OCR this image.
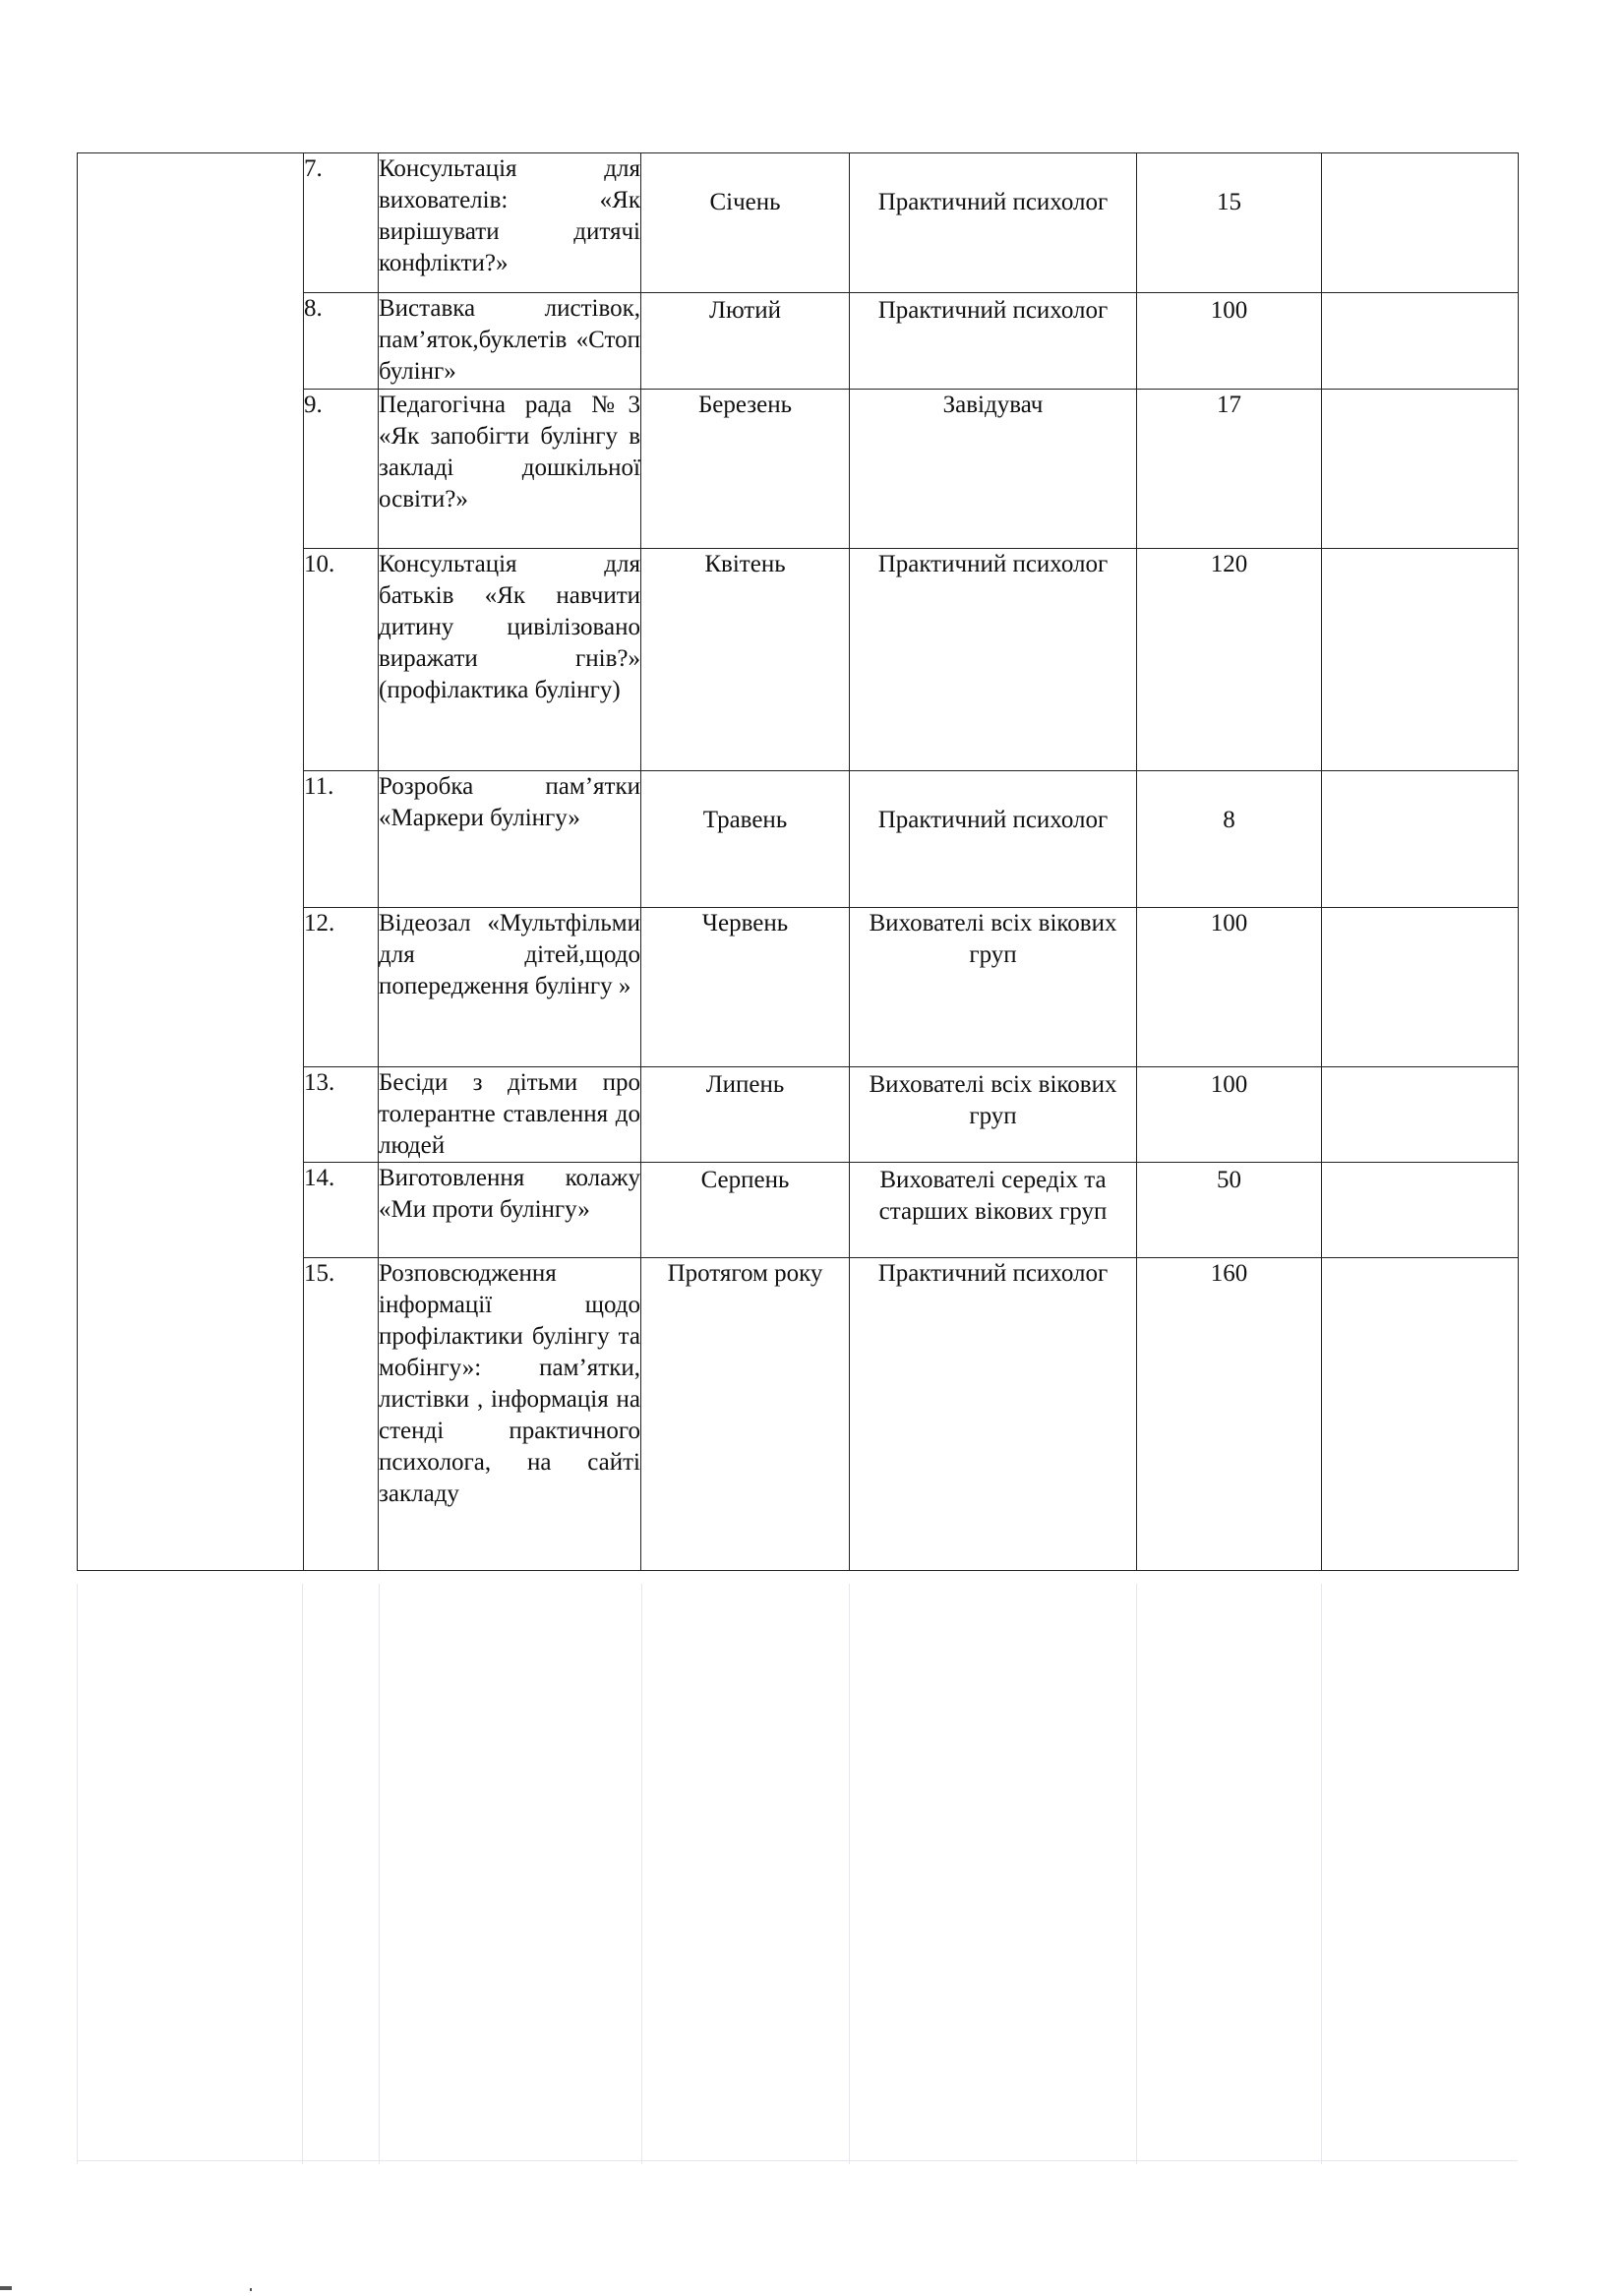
	7.	Консультація для вихователів: «Як вирішувати дитячі конфлікти?»	Січень	Практичний психолог	15	
	8.	Виставка листівок, пам’яток,буклетів «Стоп булінг»	Лютий	Практичний психолог	100	
	9.	Педагогічна рада №3 «Як запобігти булінгу в закладі дошкільної освіти?»	Березень	Завідувач	17	
	10.	Консультація для батьків «Як навчити дитину цивілізовано виражати гнів?» (профілактика булінгу)	Квітень	Практичний психолог	120	
	11.	Розробка пам’ятки «Маркери булінгу»	Травень	Практичний психолог	8	
	12.	Відеозал «Мультфільми для дітей,щодо попередження булінгу »	Червень	Вихователі всіх вікових груп	100	
	13.	Бесіди з дітьми про толерантне ставлення до людей	Липень	Вихователі всіх вікових груп	100	
	14.	Виготовлення колажу «Ми проти булінгу»	Серпень	Вихователі середіх та старших вікових груп	50	
	15.	Розповсюдження інформації щодо профілактики булінгу та мобінгу»: пам’ятки, листівки , інформація на стенді практичного психолога, на сайті закладу	Протягом року	Практичний психолог	160	
